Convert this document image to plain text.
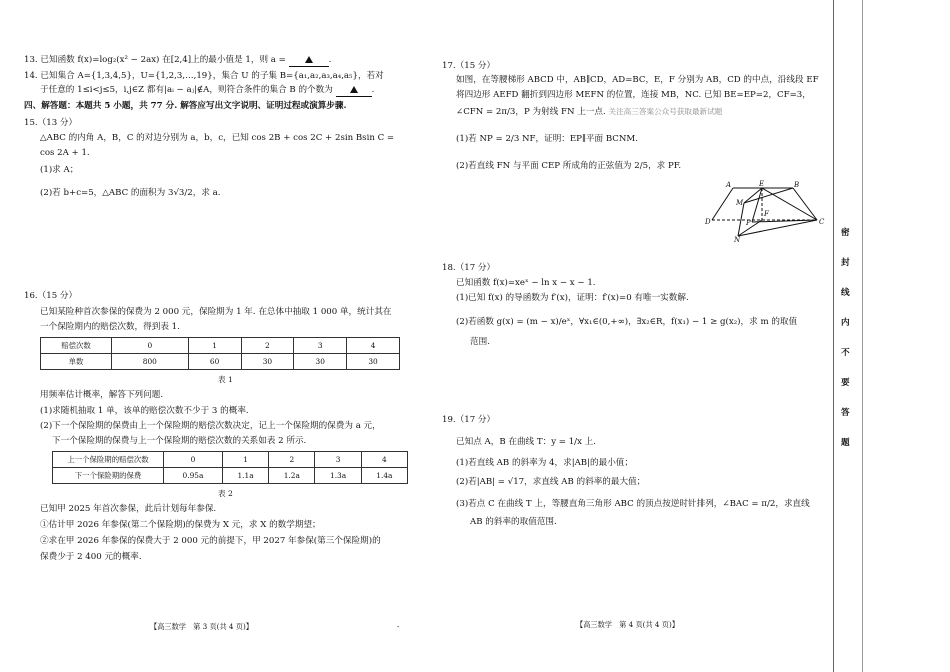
13. 已知函数 f(x)=log₂(x² − 2ax) 在[2,4]上的最小值是 1，则 a =	.
14. 已知集合 A={1,3,4,5}，U={1,2,3,…,19}，集合 U 的子集 B={a₁,a₂,a₃,a₄,a₅}，若对
于任意的 1≤i<j≤5，i,j∈Z 都有|aᵢ − aⱼ|∉A，则符合条件的集合 B 的个数为	.
四、解答题：本题共 5 小题，共 77 分. 解答应写出文字说明、证明过程或演算步骤.
15.（13 分）
△ABC 的内角 A，B，C 的对边分别为 a，b，c，已知 cos 2B + cos 2C + 2sin Bsin C =
cos 2A + 1.
(1)求 A；
(2)若 b+c=5，△ABC 的面积为 3√3/2，求 a.
16.（15 分）
已知某险种首次参保的保费为 2 000 元，保险期为 1 年. 在总体中抽取 1 000 单，统计其在
一个保险期内的赔偿次数，得到表 1.
赔偿次数	0	1	2	3	4
单数	800	60	30	30	30
表 1
用频率估计概率，解答下列问题.
(1)求随机抽取 1 单，该单的赔偿次数不少于 3 的概率.
(2)下一个保险期的保费由上一个保险期的赔偿次数决定，记上一个保险期的保费为 a 元，
下一个保险期的保费与上一个保险期的赔偿次数的关系如表 2 所示.
上一个保险期的赔偿次数	0	1	2	3	4
下一个保险期的保费	0.95a	1.1a	1.2a	1.3a	1.4a
表 2
已知甲 2025 年首次参保，此后计划每年参保.
①估计甲 2026 年参保(第二个保险期)的保费为 X 元，求 X 的数学期望；
②求在甲 2026 年参保的保费大于 2 000 元的前提下，甲 2027 年参保(第三个保险期)的
保费少于 2 400 元的概率.
【高三数学　第 3 页(共 4 页)】	-
17.（15 分）
如图，在等腰梯形 ABCD 中，AB∥CD，AD=BC，E，F 分别为 AB，CD 的中点，沿线段 EF
将四边形 AEFD 翻折到四边形 MEFN 的位置，连接 MB，NC. 已知 BE=EP=2，CF=3，
∠CFN = 2π/3，P 为射线 FN 上一点. 关注高三答案公众号获取最新试题
(1)若 NP = 2/3 NF，证明：EP∥平面 BCNM.
(2)若直线 FN 与平面 CEP 所成角的正弦值为 2/5，求 PF.
A	E	B
M
P
F
D	C
N
18.（17 分）
已知函数 f(x)=xeˣ − ln x − x − 1.
(1)已知 f(x) 的导函数为 f′(x)，证明：f′(x)=0 有唯一实数解.
(2)若函数 g(x) = (m − x)/eˣ，∀x₁∈(0,+∞)，∃x₂∈R，f(x₁) − 1 ≥ g(x₂)，求 m 的取值
范围.
19.（17 分）
已知点 A，B 在曲线 T：y = 1/x 上.
(1)若直线 AB 的斜率为 4，求|AB|的最小值；
(2)若|AB| = √17，求直线 AB 的斜率的最大值；
(3)若点 C 在曲线 T 上，等腰直角三角形 ABC 的顶点按逆时针排列，∠BAC = π/2，求直线
AB 的斜率的取值范围.
【高三数学　第 4 页(共 4 页)】
密
封
线
内
不
要
答
题
